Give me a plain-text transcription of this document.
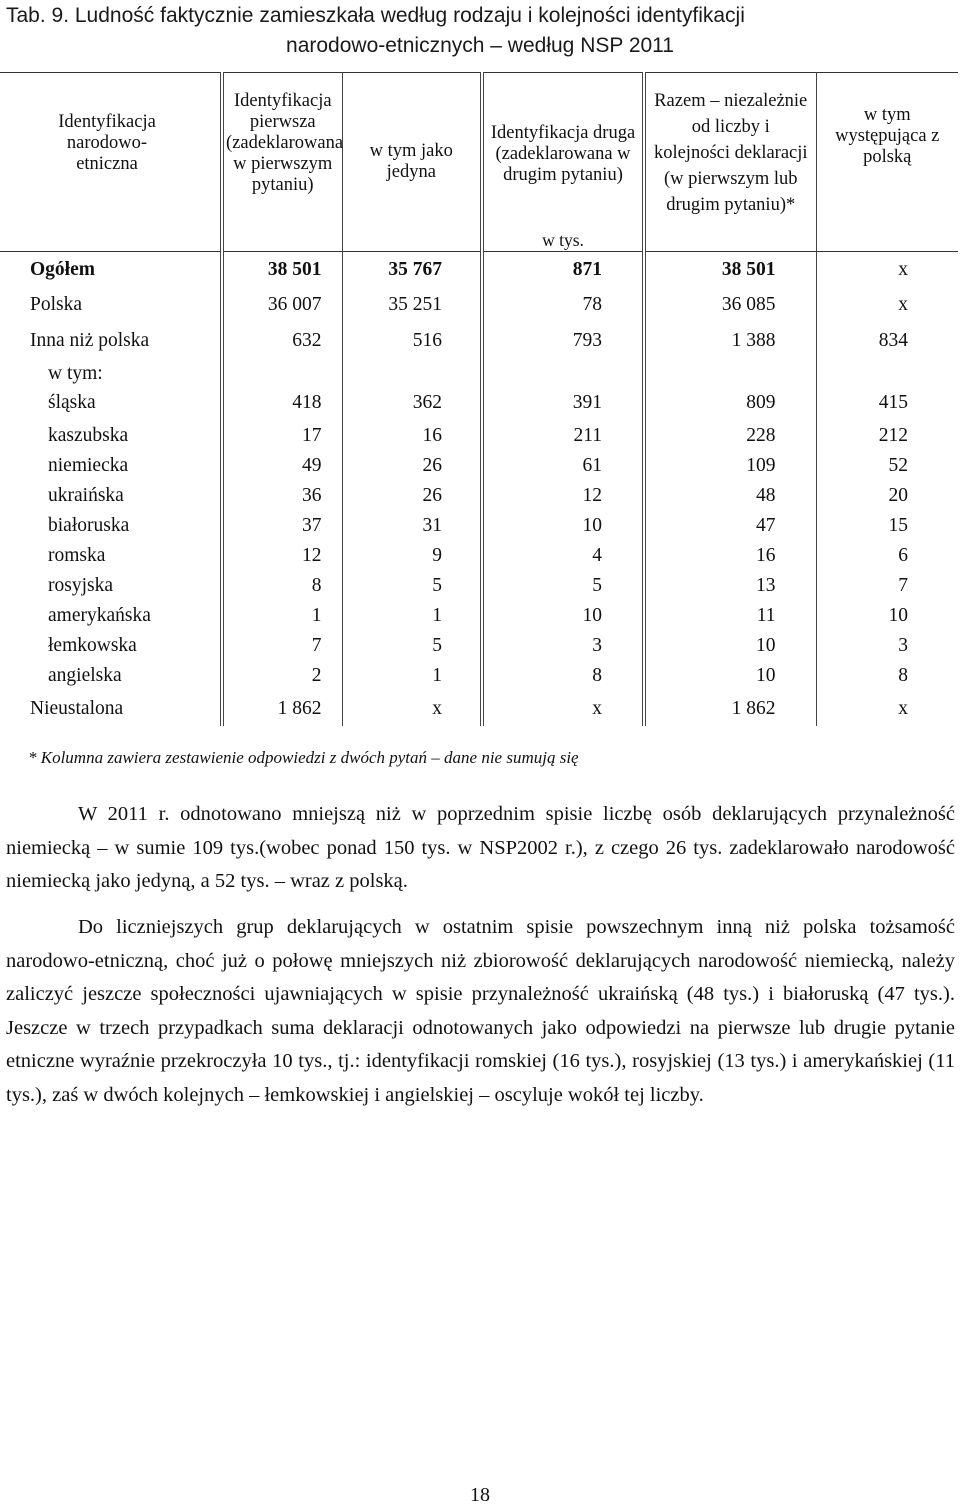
Tab. 9. Ludność faktycznie zamieszkała według rodzaju i kolejności identyfikacji
narodowo-etnicznych – według NSP 2011
Identyfikacja narodowo-etniczna	Identyfikacja pierwsza (zadeklarowana w pierwszym pytaniu)	w tym jako jedyna	Identyfikacja druga (zadeklarowana w drugim pytaniu)	Razem – niezależnie od liczby i kolejności deklaracji (w pierwszym lub drugim pytaniu)*	w tym występująca z polską
			w tys.		
Ogółem	38 501	35 767	871	38 501	x
Polska	36 007	35 251	78	36 085	x
Inna niż polska	632	516	793	1 388	834
w tym:					
śląska	418	362	391	809	415
kaszubska	17	16	211	228	212
niemiecka	49	26	61	109	52
ukraińska	36	26	12	48	20
białoruska	37	31	10	47	15
romska	12	9	4	16	6
rosyjska	8	5	5	13	7
amerykańska	1	1	10	11	10
łemkowska	7	5	3	10	3
angielska	2	1	8	10	8
Nieustalona	1 862	x	x	1 862	x
* Kolumna zawiera zestawienie odpowiedzi z dwóch pytań – dane nie sumują się
W 2011 r. odnotowano mniejszą niż w poprzednim spisie liczbę osób deklarujących przynależność niemiecką – w sumie 109 tys.(wobec ponad 150 tys. w NSP2002 r.), z czego 26 tys. zadeklarowało narodowość niemiecką jako jedyną, a 52 tys. – wraz z polską.
Do liczniejszych grup deklarujących w ostatnim spisie powszechnym inną niż polska tożsamość narodowo-etniczną, choć już o połowę mniejszych niż zbiorowość deklarujących narodowość niemiecką, należy zaliczyć jeszcze społeczności ujawniających w spisie przynależność ukraińską (48 tys.) i białoruską (47 tys.). Jeszcze w trzech przypadkach suma deklaracji odnotowanych jako odpowiedzi na pierwsze lub drugie pytanie etniczne wyraźnie przekroczyła 10 tys., tj.: identyfikacji romskiej (16 tys.), rosyjskiej (13 tys.) i amerykańskiej (11 tys.), zaś w dwóch kolejnych – łemkowskiej i angielskiej – oscyluje wokół tej liczby.
18
